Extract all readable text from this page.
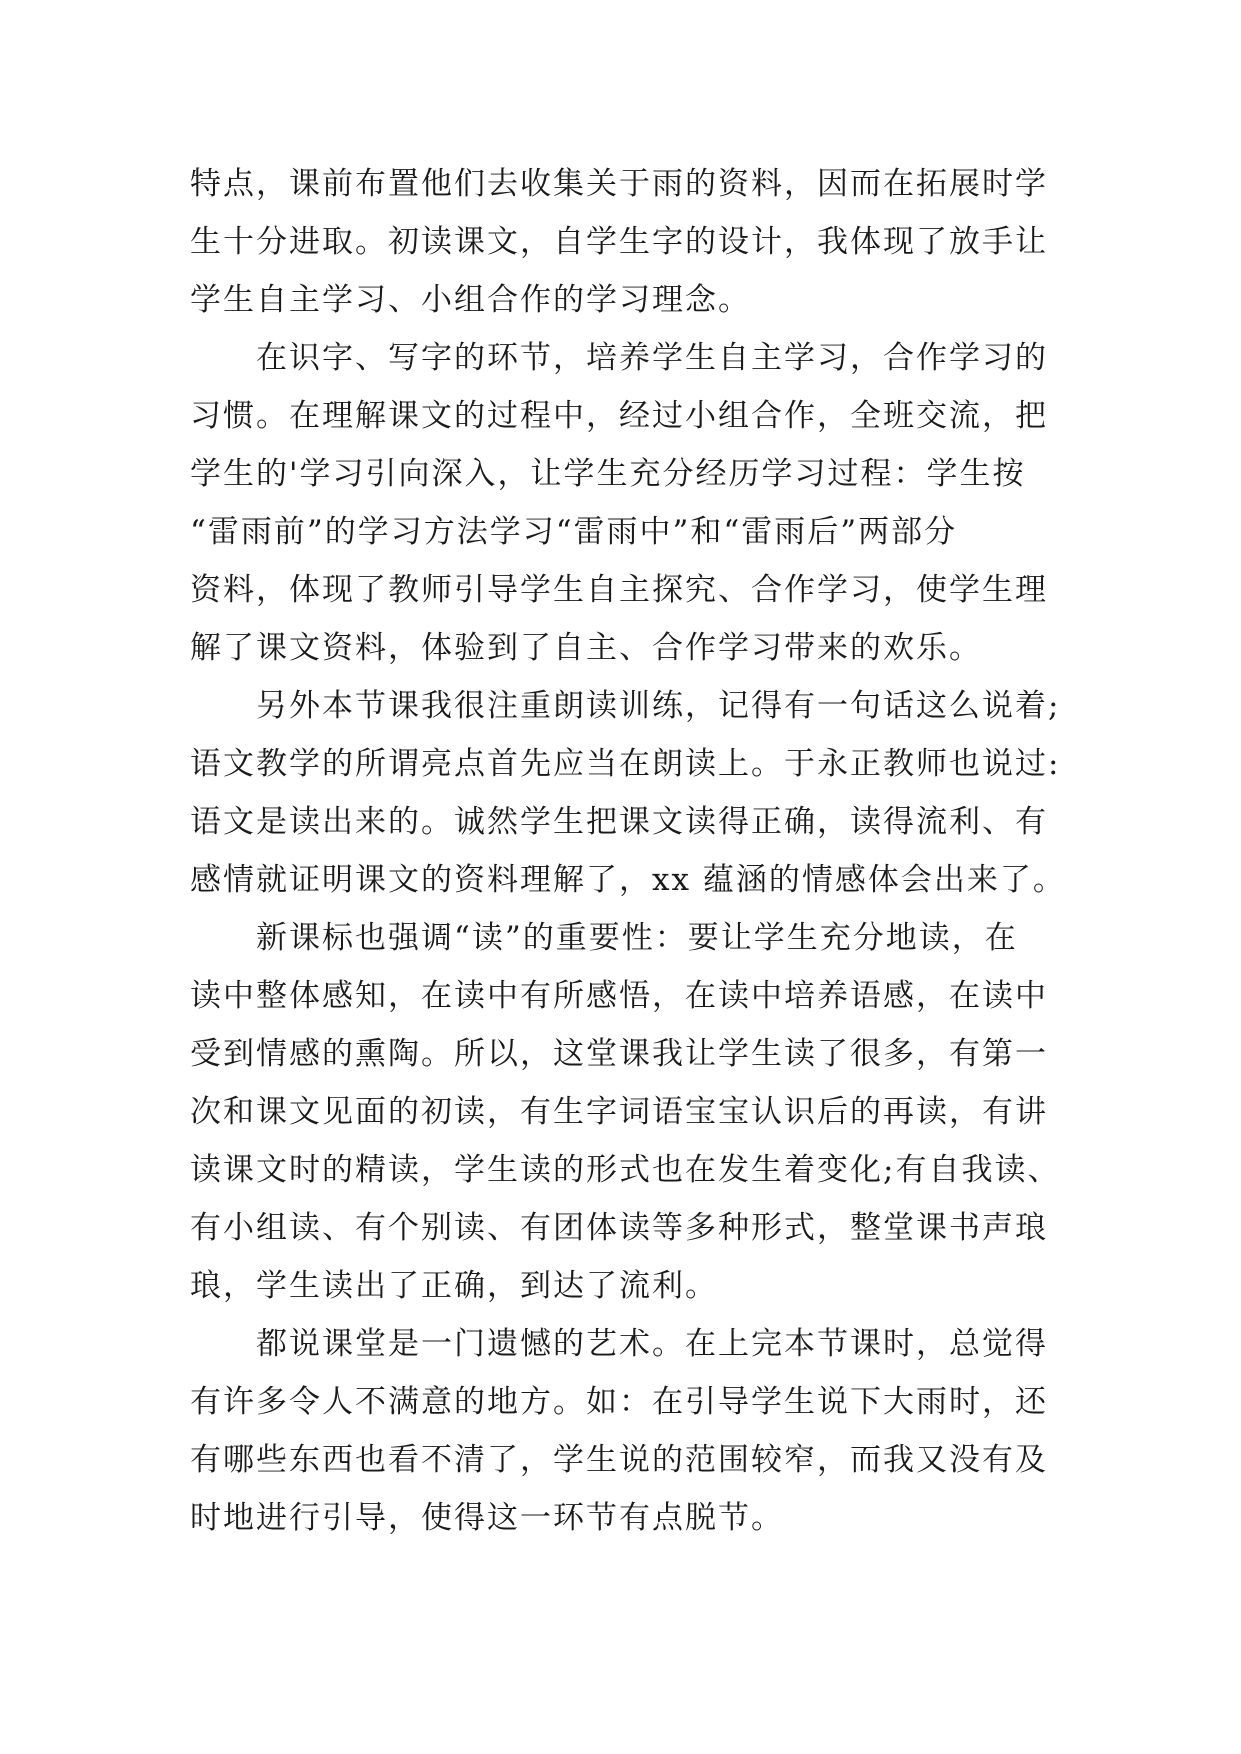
特点，课前布置他们去收集关于雨的资料，因而在拓展时学
生十分进取。初读课文，自学生字的设计，我体现了放手让
学生自主学习、小组合作的学习理念。
　　在识字、写字的环节，培养学生自主学习，合作学习的
习惯。在理解课文的过程中，经过小组合作，全班交流，把
学生的'学习引向深入，让学生充分经历学习过程：学生按
“雷雨前”的学习方法学习“雷雨中”和“雷雨后”两部分
资料，体现了教师引导学生自主探究、合作学习，使学生理
解了课文资料，体验到了自主、合作学习带来的欢乐。
　　另外本节课我很注重朗读训练，记得有一句话这么说着;
语文教学的所谓亮点首先应当在朗读上。于永正教师也说过:
语文是读出来的。诚然学生把课文读得正确，读得流利、有
感情就证明课文的资料理解了，xx 蕴涵的情感体会出来了。
　　新课标也强调“读”的重要性：要让学生充分地读，在
读中整体感知，在读中有所感悟，在读中培养语感，在读中
受到情感的熏陶。所以，这堂课我让学生读了很多，有第一
次和课文见面的初读，有生字词语宝宝认识后的再读，有讲
读课文时的精读，学生读的形式也在发生着变化;有自我读、
有小组读、有个别读、有团体读等多种形式，整堂课书声琅
琅，学生读出了正确，到达了流利。
　　都说课堂是一门遗憾的艺术。在上完本节课时，总觉得
有许多令人不满意的地方。如：在引导学生说下大雨时，还
有哪些东西也看不清了，学生说的范围较窄，而我又没有及
时地进行引导，使得这一环节有点脱节。
